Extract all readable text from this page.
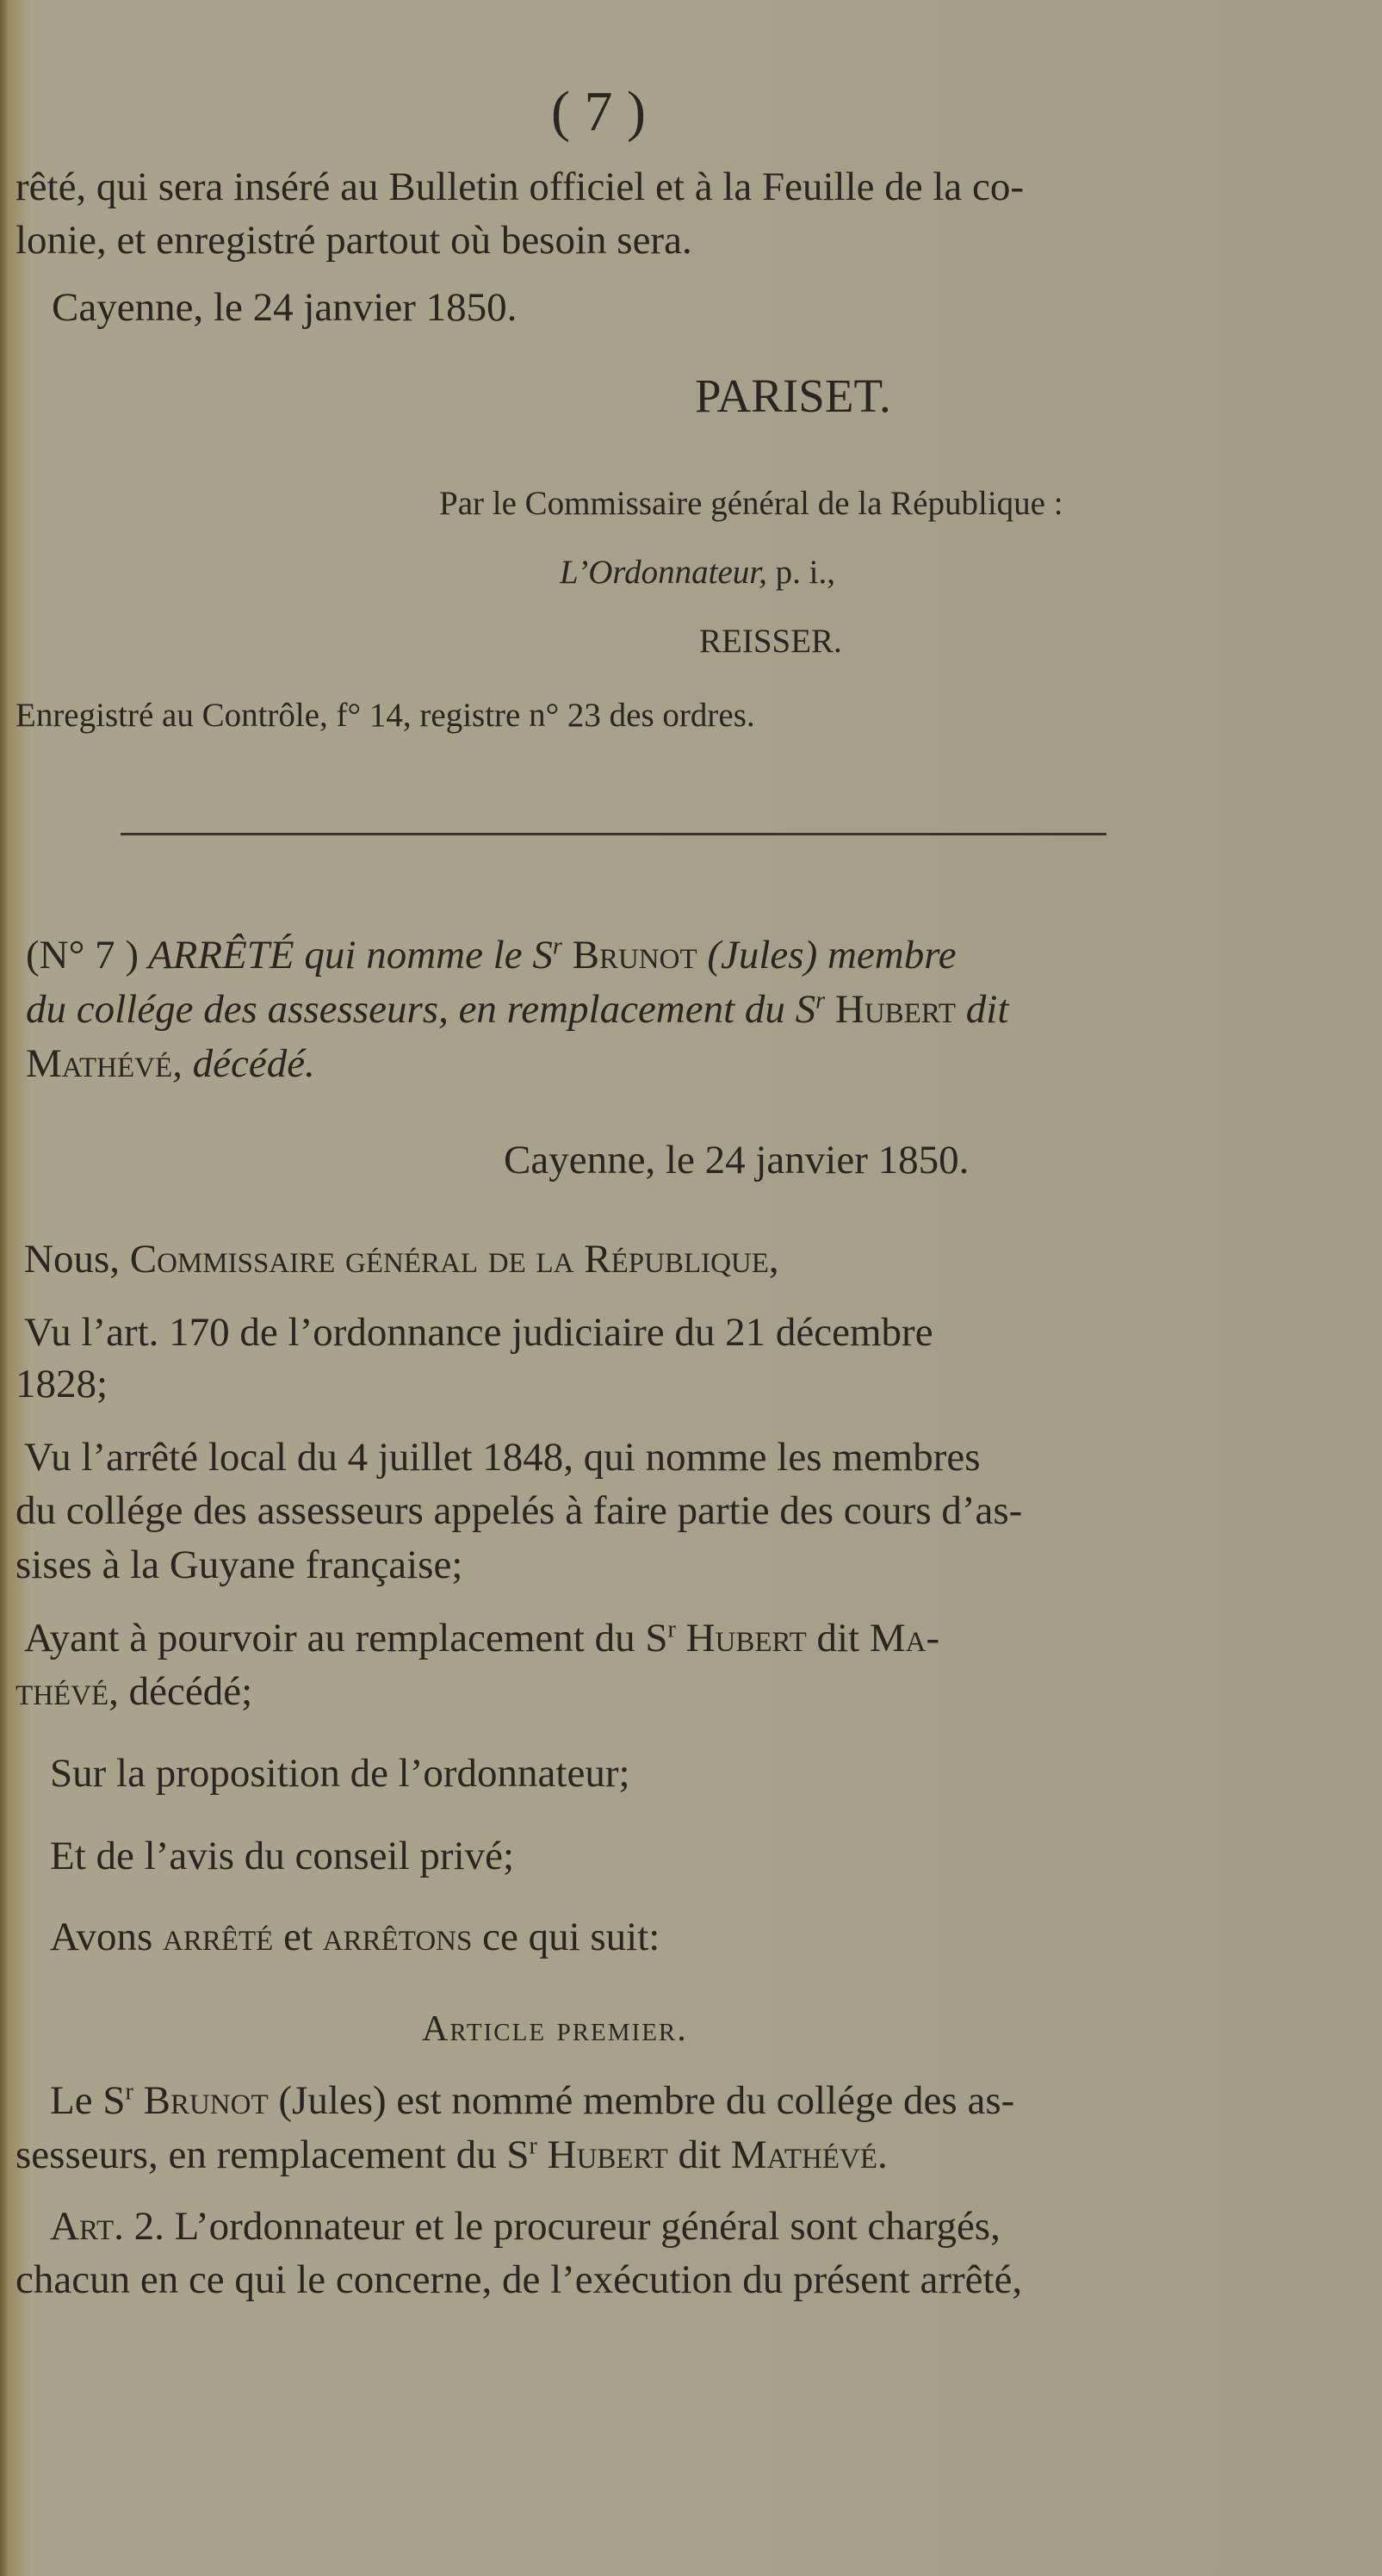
( 7 )
rêté, qui sera inséré au Bulletin officiel et à la Feuille de la co-
lonie, et enregistré partout où besoin sera.
Cayenne, le 24 janvier 1850.
PARISET.
Par le Commissaire général de la République :
L’Ordonnateur, p. i.,
REISSER.
Enregistré au Contrôle, f° 14, registre n° 23 des ordres.
(N° 7 ) ARRÊTÉ qui nomme le $S^r$ Brunot (Jules) membre
du collége des assesseurs, en remplacement du $S^r$ Hubert dit
Mathévé, décédé.
Cayenne, le 24 janvier 1850.
Nous, Commissaire général de la République,
Vu l’art. 170 de l’ordonnance judiciaire du 21 décembre
1828;
Vu l’arrêté local du 4 juillet 1848, qui nomme les membres
du collége des assesseurs appelés à faire partie des cours d’as-
sises à la Guyane française;
Ayant à pourvoir au remplacement du $S^r$ Hubert dit Ma-
thévé, décédé;
Sur la proposition de l’ordonnateur;
Et de l’avis du conseil privé;
Avons arrêté et arrêtons ce qui suit:
Article premier.
Le $S^r$ Brunot (Jules) est nommé membre du collége des as-
sesseurs, en remplacement du $S^r$ Hubert dit Mathévé.
Art. 2. L’ordonnateur et le procureur général sont chargés,
chacun en ce qui le concerne, de l’exécution du présent arrêté,
